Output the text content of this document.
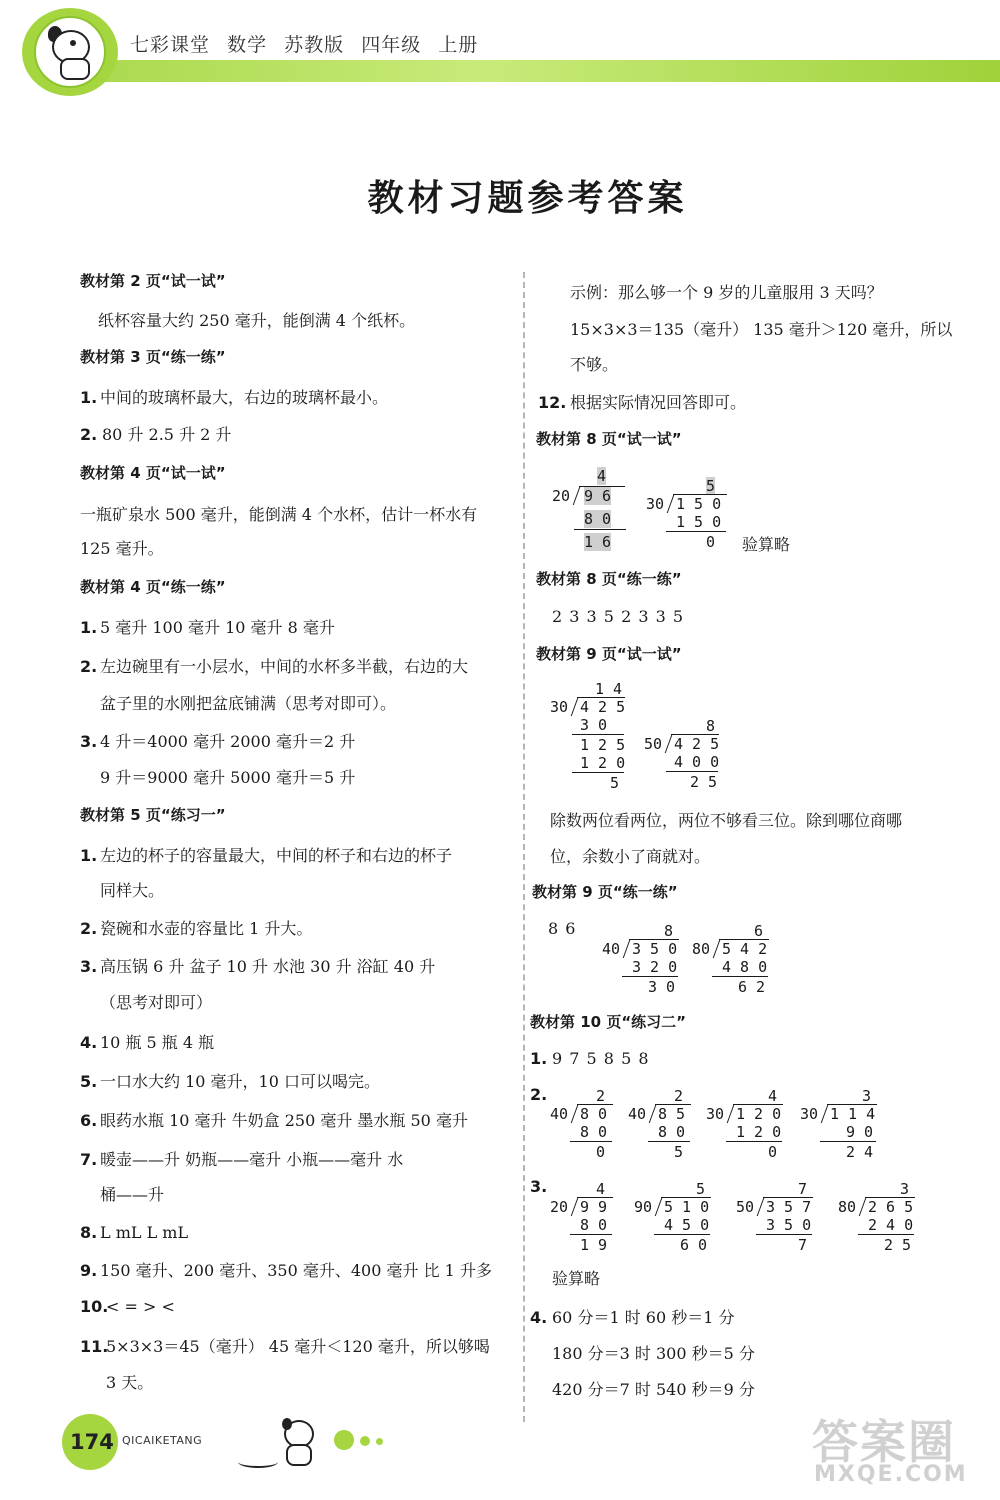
七彩课堂 数学 苏教版 四年级 上册
教材习题参考答案
教材第 2 页“试一试”
纸杯容量大约 250 毫升，能倒满 4 个纸杯。
教材第 3 页“练一练”
1. 中间的玻璃杯最大，右边的玻璃杯最小。
2. 80 升 2.5 升 2 升
教材第 4 页“试一试”
一瓶矿泉水 500 毫升，能倒满 4 个水杯，估计一杯水有
125 毫升。
教材第 4 页“练一练”
1. 5 毫升 100 毫升 10 毫升 8 毫升
2. 左边碗里有一小层水，中间的水杯多半截，右边的大
盆子里的水刚把盆底铺满（思考对即可）。
3. 4 升＝4000 毫升 2000 毫升＝2 升
9 升＝9000 毫升 5000 毫升＝5 升
教材第 5 页“练习一”
1. 左边的杯子的容量最大，中间的杯子和右边的杯子
同样大。
2. 瓷碗和水壶的容量比 1 升大。
3. 高压锅 6 升 盆子 10 升 水池 30 升 浴缸 40 升
（思考对即可）
4. 10 瓶 5 瓶 4 瓶
5. 一口水大约 10 毫升，10 口可以喝完。
6. 眼药水瓶 10 毫升 牛奶盒 250 毫升 墨水瓶 50 毫升
7. 暖壶——升 奶瓶——毫升 小瓶——毫升 水
桶——升
8. L mL L mL
9. 150 毫升、200 毫升、350 毫升、400 毫升 比 1 升多
10.
< = > <
11.
5×3×3＝45（毫升） 45 毫升＜120 毫升，所以够喝
3 天。
示例：那么够一个 9 岁的儿童服用 3 天吗？
15×3×3＝135（毫升） 135 毫升＞120 毫升，所以
不够。
12. 根据实际情况回答即可。
教材第 8 页“试一试”
4
20 9 6
8 0
1 6
5
30 1 5 0
1 5 0
0 验算略
教材第 8 页“练一练”
2 3 3 5 2 3 3 5
教材第 9 页“试一试”
1 4
30 4 2 5
3 0
1 2 5
1 2 0
5
8
50 4 2 5
4 0 0
2 5
除数两位看两位，两位不够看三位。除到哪位商哪
位，余数小了商就对。
教材第 9 页“练一练”
8 6	8
40 3 5 0
3 2 0
3 0
6
80 5 4 2
4 8 0
6 2
教材第 10 页“练习二”
1. 9 7 5 8 5 8
2.	2
40 8 0
8 0
0
2
40 8 5
8 0
5
4
30 1 2 0
1 2 0
0
3
30 1 1 4
9 0
2 4
3.	4
20 9 9
8 0
1 9
5
90 5 1 0
4 5 0
6 0
7
50 3 5 7
3 5 0
7
3
80 2 6 5
2 4 0
2 5
验算略
4. 60 分＝1 时 60 秒＝1 分
180 分＝3 时 300 秒＝5 分
420 分＝7 时 540 秒＝9 分
174 QICAIKETANG	答案圈
MXQE.COM
